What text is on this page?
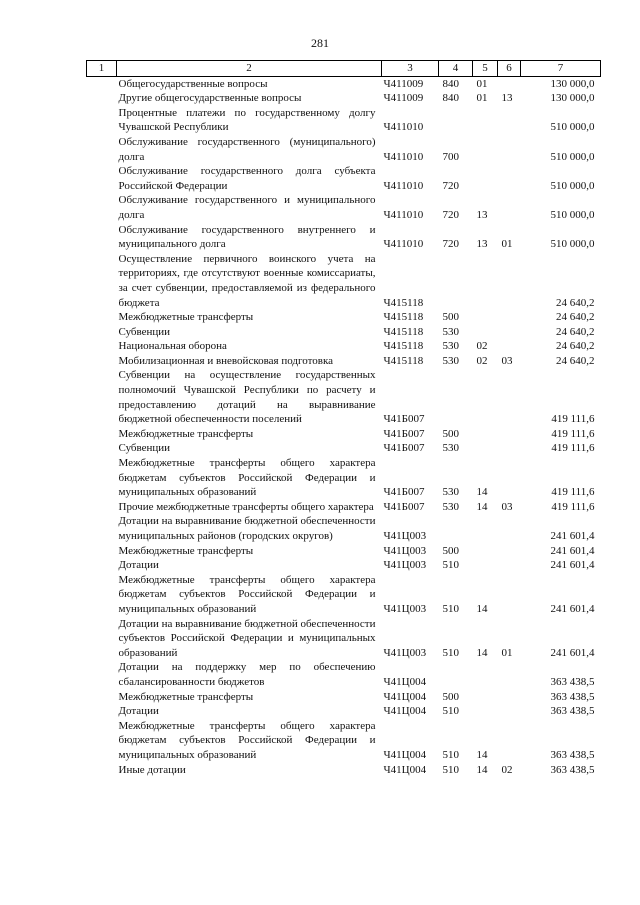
281
1	2	3	4	5	6	7
	Общегосударственные вопросы	Ч411009	840	01		130 000,0
	Другие общегосударственные вопросы	Ч411009	840	01	13	130 000,0
	Процентные платежи по государственному долгу Чувашской Республики	Ч411010				510 000,0
	Обслуживание государственного (муниципального) долга	Ч411010	700			510 000,0
	Обслуживание государственного долга субъекта Российской Федерации	Ч411010	720			510 000,0
	Обслуживание государственного и муниципального долга	Ч411010	720	13		510 000,0
	Обслуживание государственного внутреннего и муниципального долга	Ч411010	720	13	01	510 000,0
	Осуществление первичного воинского учета на территориях, где отсутствуют военные комиссариаты, за счет субвенции, предоставляемой из федерального бюджета	Ч415118				24 640,2
	Межбюджетные трансферты	Ч415118	500			24 640,2
	Субвенции	Ч415118	530			24 640,2
	Национальная оборона	Ч415118	530	02		24 640,2
	Мобилизационная и вневойсковая подготовка	Ч415118	530	02	03	24 640,2
	Субвенции на осуществление государственных полномочий Чувашской Республики по расчету и предоставлению дотаций на выравнивание бюджетной обеспеченности поселений	Ч41Б007				419 111,6
	Межбюджетные трансферты	Ч41Б007	500			419 111,6
	Субвенции	Ч41Б007	530			419 111,6
	Межбюджетные трансферты общего характера бюджетам субъектов Российской Федерации и муниципальных образований	Ч41Б007	530	14		419 111,6
	Прочие межбюджетные трансферты общего характера	Ч41Б007	530	14	03	419 111,6
	Дотации на выравнивание бюджетной обеспеченности муниципальных районов (городских округов)	Ч41Ц003				241 601,4
	Межбюджетные трансферты	Ч41Ц003	500			241 601,4
	Дотации	Ч41Ц003	510			241 601,4
	Межбюджетные трансферты общего характера бюджетам субъектов Российской Федерации и муниципальных образований	Ч41Ц003	510	14		241 601,4
	Дотации на выравнивание бюджетной обеспеченности субъектов Российской Федерации и муниципальных образований	Ч41Ц003	510	14	01	241 601,4
	Дотации на поддержку мер по обеспечению сбалансированности бюджетов	Ч41Ц004				363 438,5
	Межбюджетные трансферты	Ч41Ц004	500			363 438,5
	Дотации	Ч41Ц004	510			363 438,5
	Межбюджетные трансферты общего характера бюджетам субъектов Российской Федерации и муниципальных образований	Ч41Ц004	510	14		363 438,5
	Иные дотации	Ч41Ц004	510	14	02	363 438,5
